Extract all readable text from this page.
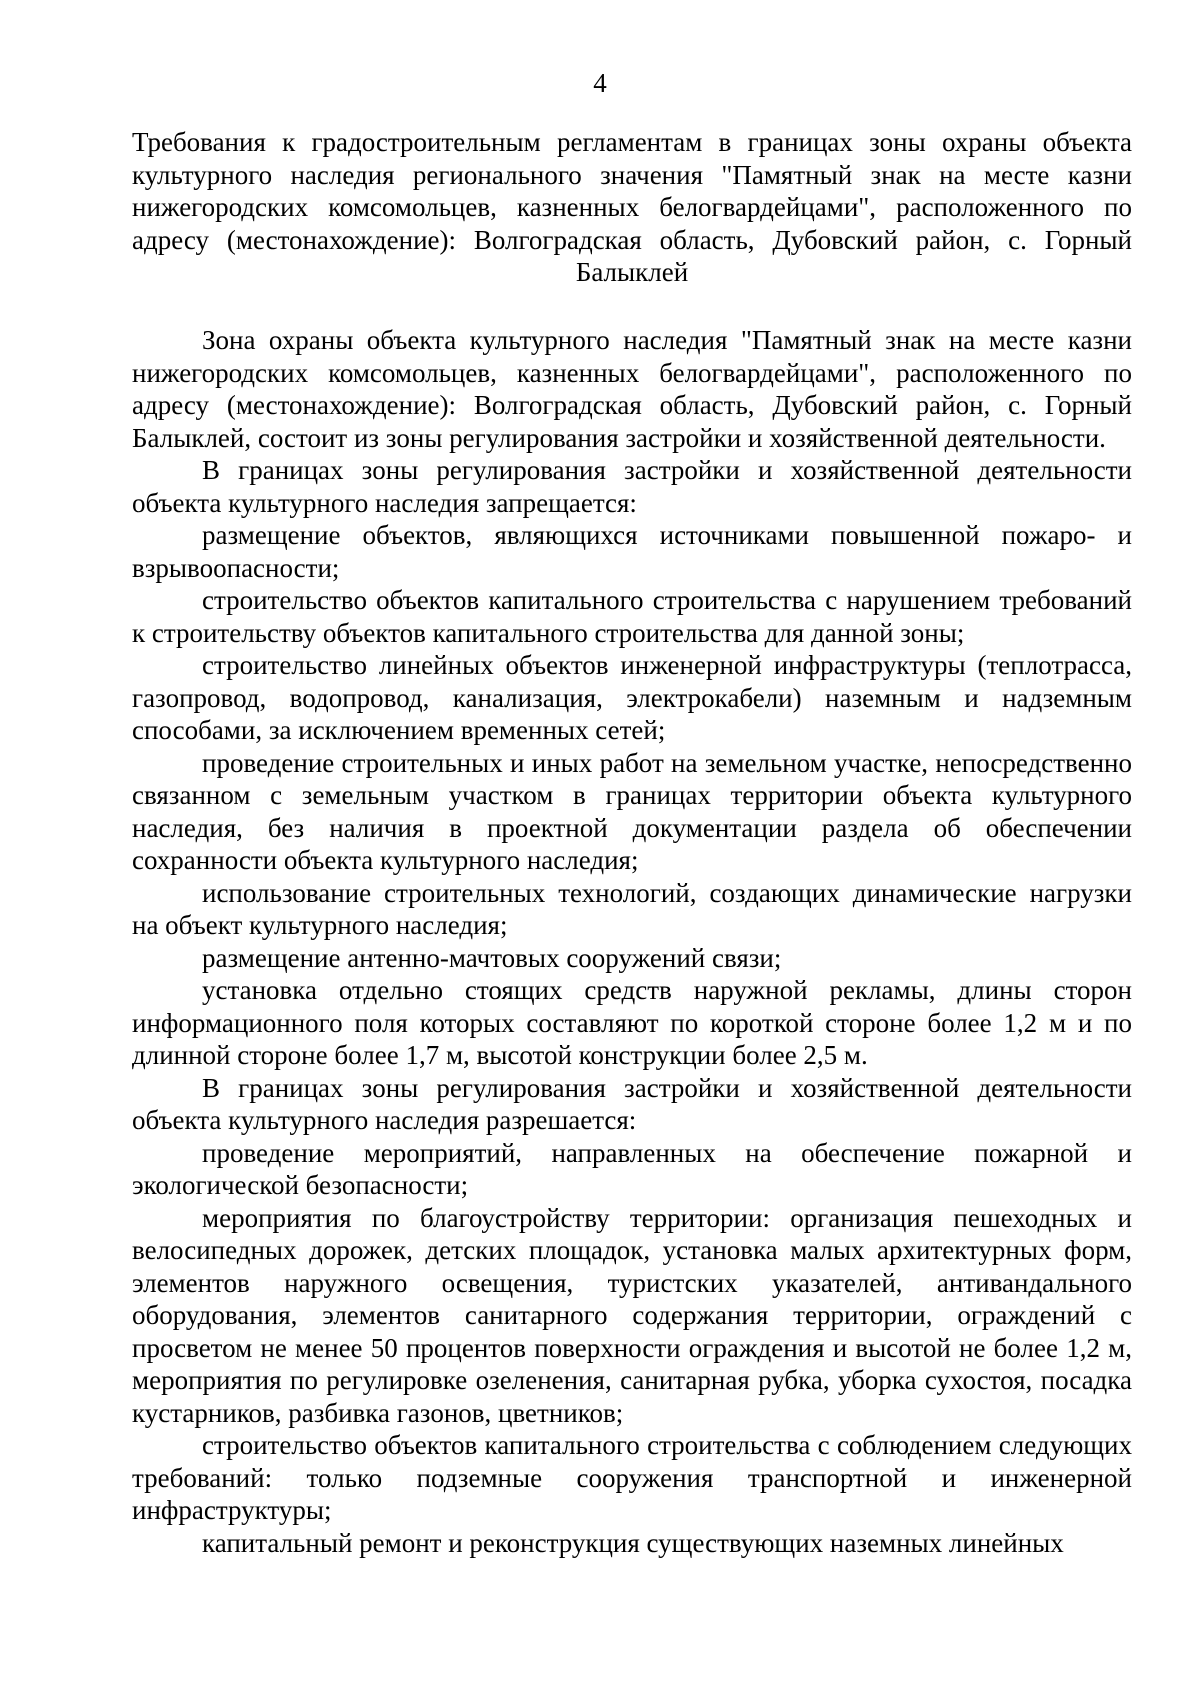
4
Требования к градостроительным регламентам в границах зоны охраны объекта культурного наследия регионального значения "Памятный знак на месте казни нижегородских комсомольцев, казненных белогвардейцами", расположенного по адресу (местонахождение): Волгоградская область, Дубовский район, с. Горный Балыклей

Зона охраны объекта культурного наследия "Памятный знак на месте казни нижегородских комсомольцев, казненных белогвардейцами", расположенного по адресу (местонахождение): Волгоградская область, Дубовский район, с. Горный Балыклей, состоит из зоны регулирования застройки и хозяйственной деятельности.

В границах зоны регулирования застройки и хозяйственной деятельности объекта культурного наследия запрещается:

размещение объектов, являющихся источниками повышенной пожаро- и взрывоопасности;

строительство объектов капитального строительства с нарушением требований к строительству объектов капитального строительства для данной зоны;

строительство линейных объектов инженерной инфраструктуры (теплотрасса, газопровод, водопровод, канализация, электрокабели) наземным и надземным способами, за исключением временных сетей;

проведение строительных и иных работ на земельном участке, непосредственно связанном с земельным участком в границах территории объекта культурного наследия, без наличия в проектной документации раздела об обеспечении сохранности объекта культурного наследия;

использование строительных технологий, создающих динамические нагрузки на объект культурного наследия;

размещение антенно-мачтовых сооружений связи;

установка отдельно стоящих средств наружной рекламы, длины сторон информационного поля которых составляют по короткой стороне более 1,2 м и по длинной стороне более 1,7 м, высотой конструкции более 2,5 м.

В границах зоны регулирования застройки и хозяйственной деятельности объекта культурного наследия разрешается:

проведение мероприятий, направленных на обеспечение пожарной и экологической безопасности;

мероприятия по благоустройству территории: организация пешеходных и велосипедных дорожек, детских площадок, установка малых архитектурных форм, элементов наружного освещения, туристских указателей, антивандального оборудования, элементов санитарного содержания территории, ограждений с просветом не менее 50 процентов поверхности ограждения и высотой не более 1,2 м, мероприятия по регулировке озеленения, санитарная рубка, уборка сухостоя, посадка кустарников, разбивка газонов, цветников;

строительство объектов капитального строительства с соблюдением следующих требований: только подземные сооружения транспортной и инженерной инфраструктуры;

капитальный ремонт и реконструкция существующих наземных линейных
